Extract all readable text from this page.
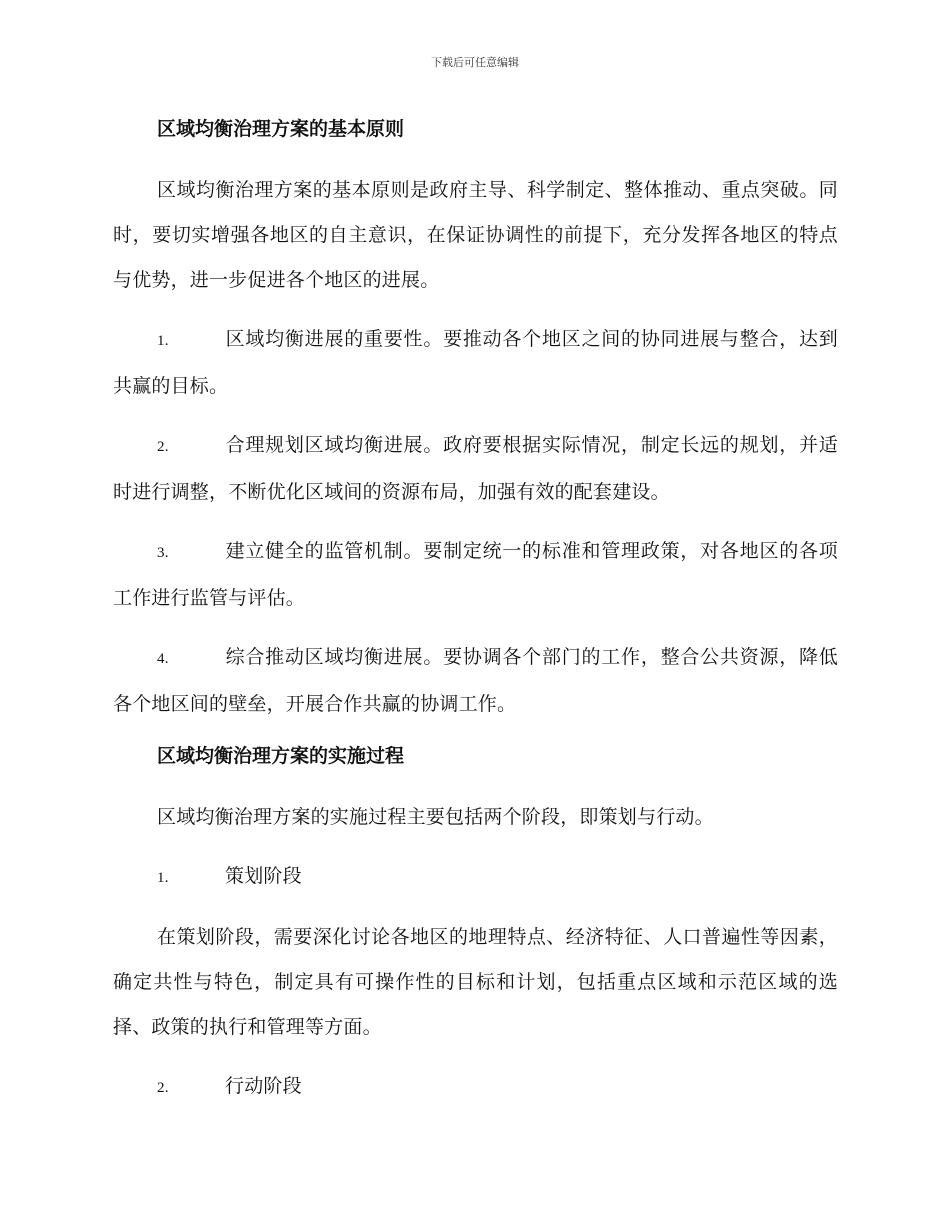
下载后可任意编辑
区域均衡治理方案的基本原则
区域均衡治理方案的基本原则是政府主导、科学制定、整体推动、重点突破。同时，要切实增强各地区的自主意识，在保证协调性的前提下，充分发挥各地区的特点与优势，进一步促进各个地区的进展。
1.	区域均衡进展的重要性。要推动各个地区之间的协同进展与整合，达到共赢的目标。
2.	合理规划区域均衡进展。政府要根据实际情况，制定长远的规划，并适时进行调整，不断优化区域间的资源布局，加强有效的配套建设。
3.	建立健全的监管机制。要制定统一的标准和管理政策，对各地区的各项工作进行监管与评估。
4.	综合推动区域均衡进展。要协调各个部门的工作，整合公共资源，降低各个地区间的壁垒，开展合作共赢的协调工作。
区域均衡治理方案的实施过程
区域均衡治理方案的实施过程主要包括两个阶段，即策划与行动。
1.	策划阶段
在策划阶段，需要深化讨论各地区的地理特点、经济特征、人口普遍性等因素，确定共性与特色，制定具有可操作性的目标和计划，包括重点区域和示范区域的选择、政策的执行和管理等方面。
2.	行动阶段
